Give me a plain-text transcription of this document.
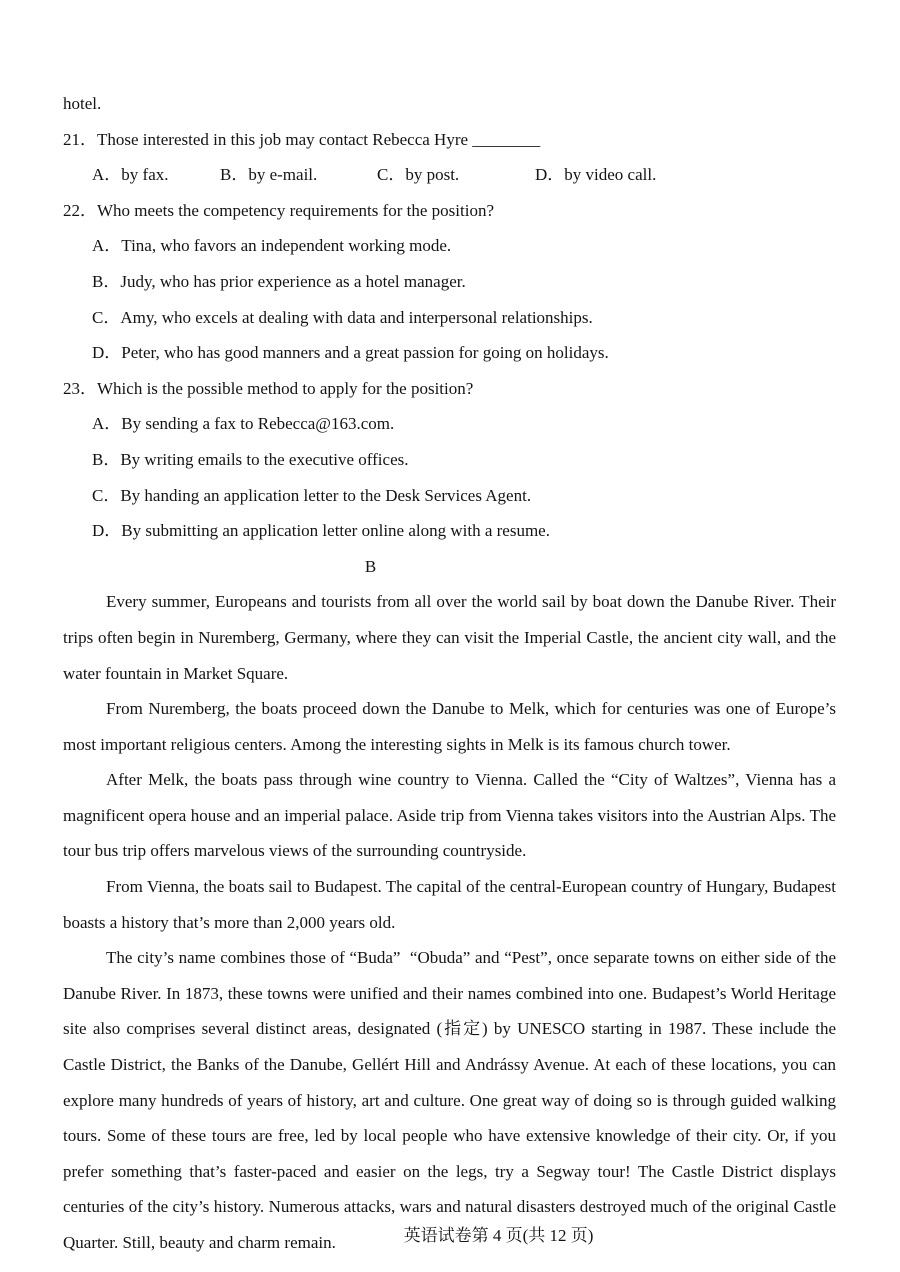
hotel.
21．Those interested in this job may contact Rebecca Hyre ________
A．by fax.	B．by e-mail.	C．by post.	D．by video call.
22．Who meets the competency requirements for the position?
A．Tina, who favors an independent working mode.
B．Judy, who has prior experience as a hotel manager.
C．Amy, who excels at dealing with data and interpersonal relationships.
D．Peter, who has good manners and a great passion for going on holidays.
23．Which is the possible method to apply for the position?
A．By sending a fax to Rebecca@163.com.
B．By writing emails to the executive offices.
C．By handing an application letter to the Desk Services Agent.
D．By submitting an application letter online along with a resume.
B

Every summer, Europeans and tourists from all over the world sail by boat down the Danube River. Their trips often begin in Nuremberg, Germany, where they can visit the Imperial Castle, the ancient city wall, and the water fountain in Market Square.

From Nuremberg, the boats proceed down the Danube to Melk, which for centuries was one of Europe’s most important religious centers. Among the interesting sights in Melk is its famous church tower.

After Melk, the boats pass through wine country to Vienna. Called the “City of Waltzes”, Vienna has a magnificent opera house and an imperial palace. Aside trip from Vienna takes visitors into the Austrian Alps. The tour bus trip offers marvelous views of the surrounding countryside.

From Vienna, the boats sail to Budapest. The capital of the central-European country of Hungary, Budapest boasts a history that’s more than 2,000 years old.

The city’s name combines those of “Buda”  “Obuda” and “Pest”, once separate towns on either side of the Danube River. In 1873, these towns were unified and their names combined into one. Budapest’s World Heritage site also comprises several distinct areas, designated (指定) by UNESCO starting in 1987. These include the Castle District, the Banks of the Danube, Gellért Hill and Andrássy Avenue. At each of these locations, you can explore many hundreds of years of history, art and culture. One great way of doing so is through guided walking tours. Some of these tours are free, led by local people who have extensive knowledge of their city. Or, if you prefer something that’s faster-paced and easier on the legs, try a Segway tour! The Castle District displays centuries of the city’s history. Numerous attacks, wars and natural disasters destroyed much of the original Castle Quarter. Still, beauty and charm remain.	英语试卷第 4 页(共 12 页)
